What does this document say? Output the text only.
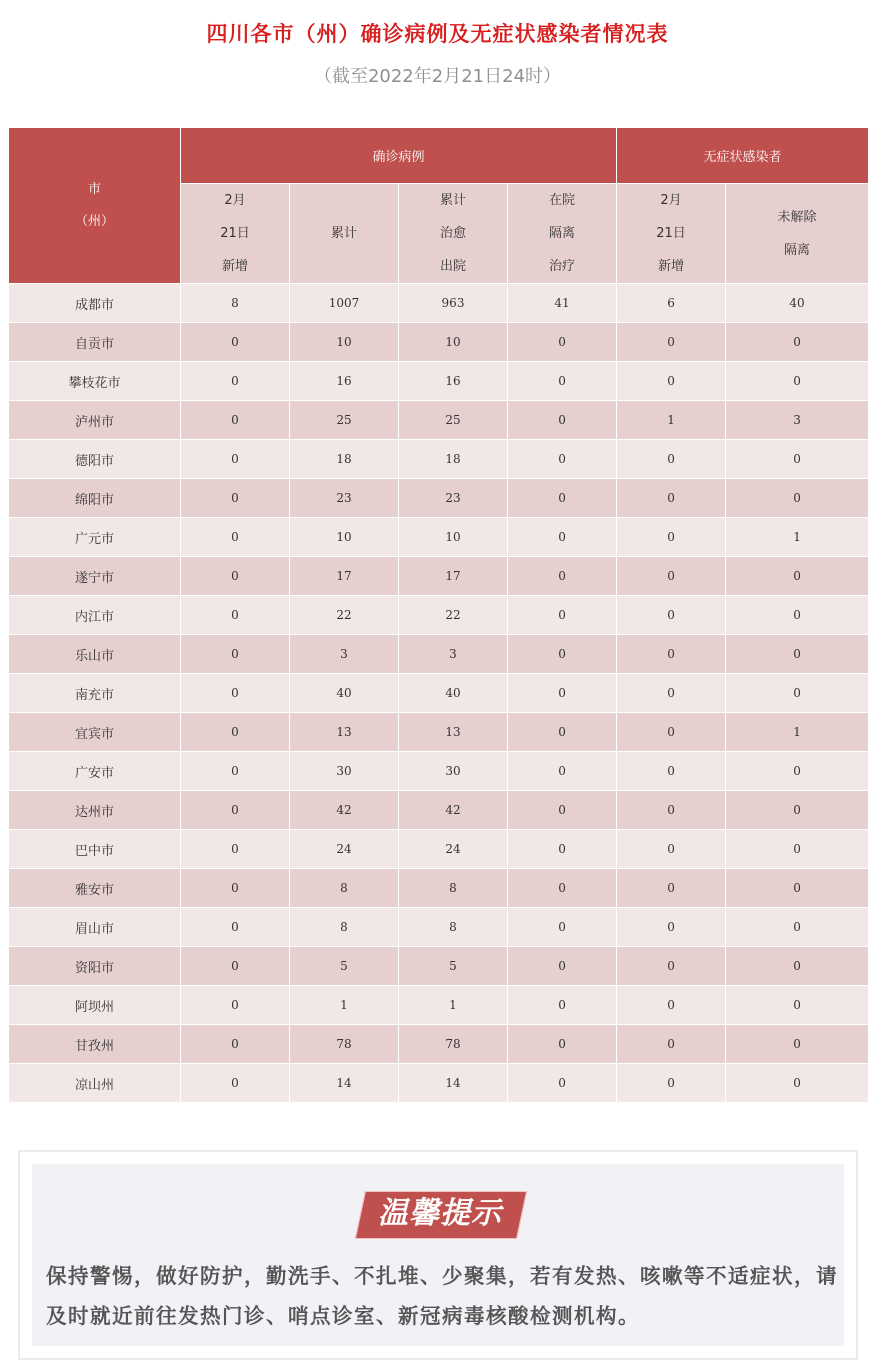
四川各市（州）确诊病例及无症状感染者情况表
（截至2022年2月21日24时）
市
（州）	确诊病例				无症状感染者	
	2月
21日
新增	累计	累计
治愈
出院	在院
隔离
治疗	2月
21日
新增	未解除
隔离
成都市	8	1007	963	41	6	40
自贡市	0	10	10	0	0	0
攀枝花市	0	16	16	0	0	0
泸州市	0	25	25	0	1	3
德阳市	0	18	18	0	0	0
绵阳市	0	23	23	0	0	0
广元市	0	10	10	0	0	1
遂宁市	0	17	17	0	0	0
内江市	0	22	22	0	0	0
乐山市	0	3	3	0	0	0
南充市	0	40	40	0	0	0
宜宾市	0	13	13	0	0	1
广安市	0	30	30	0	0	0
达州市	0	42	42	0	0	0
巴中市	0	24	24	0	0	0
雅安市	0	8	8	0	0	0
眉山市	0	8	8	0	0	0
资阳市	0	5	5	0	0	0
阿坝州	0	1	1	0	0	0
甘孜州	0	78	78	0	0	0
凉山州	0	14	14	0	0	0
温馨提示
保持警惕，做好防护，勤洗手、不扎堆、少聚集，若有发热、咳嗽等不适症状，请及时就近前往发热门诊、哨点诊室、新冠病毒核酸检测机构。
